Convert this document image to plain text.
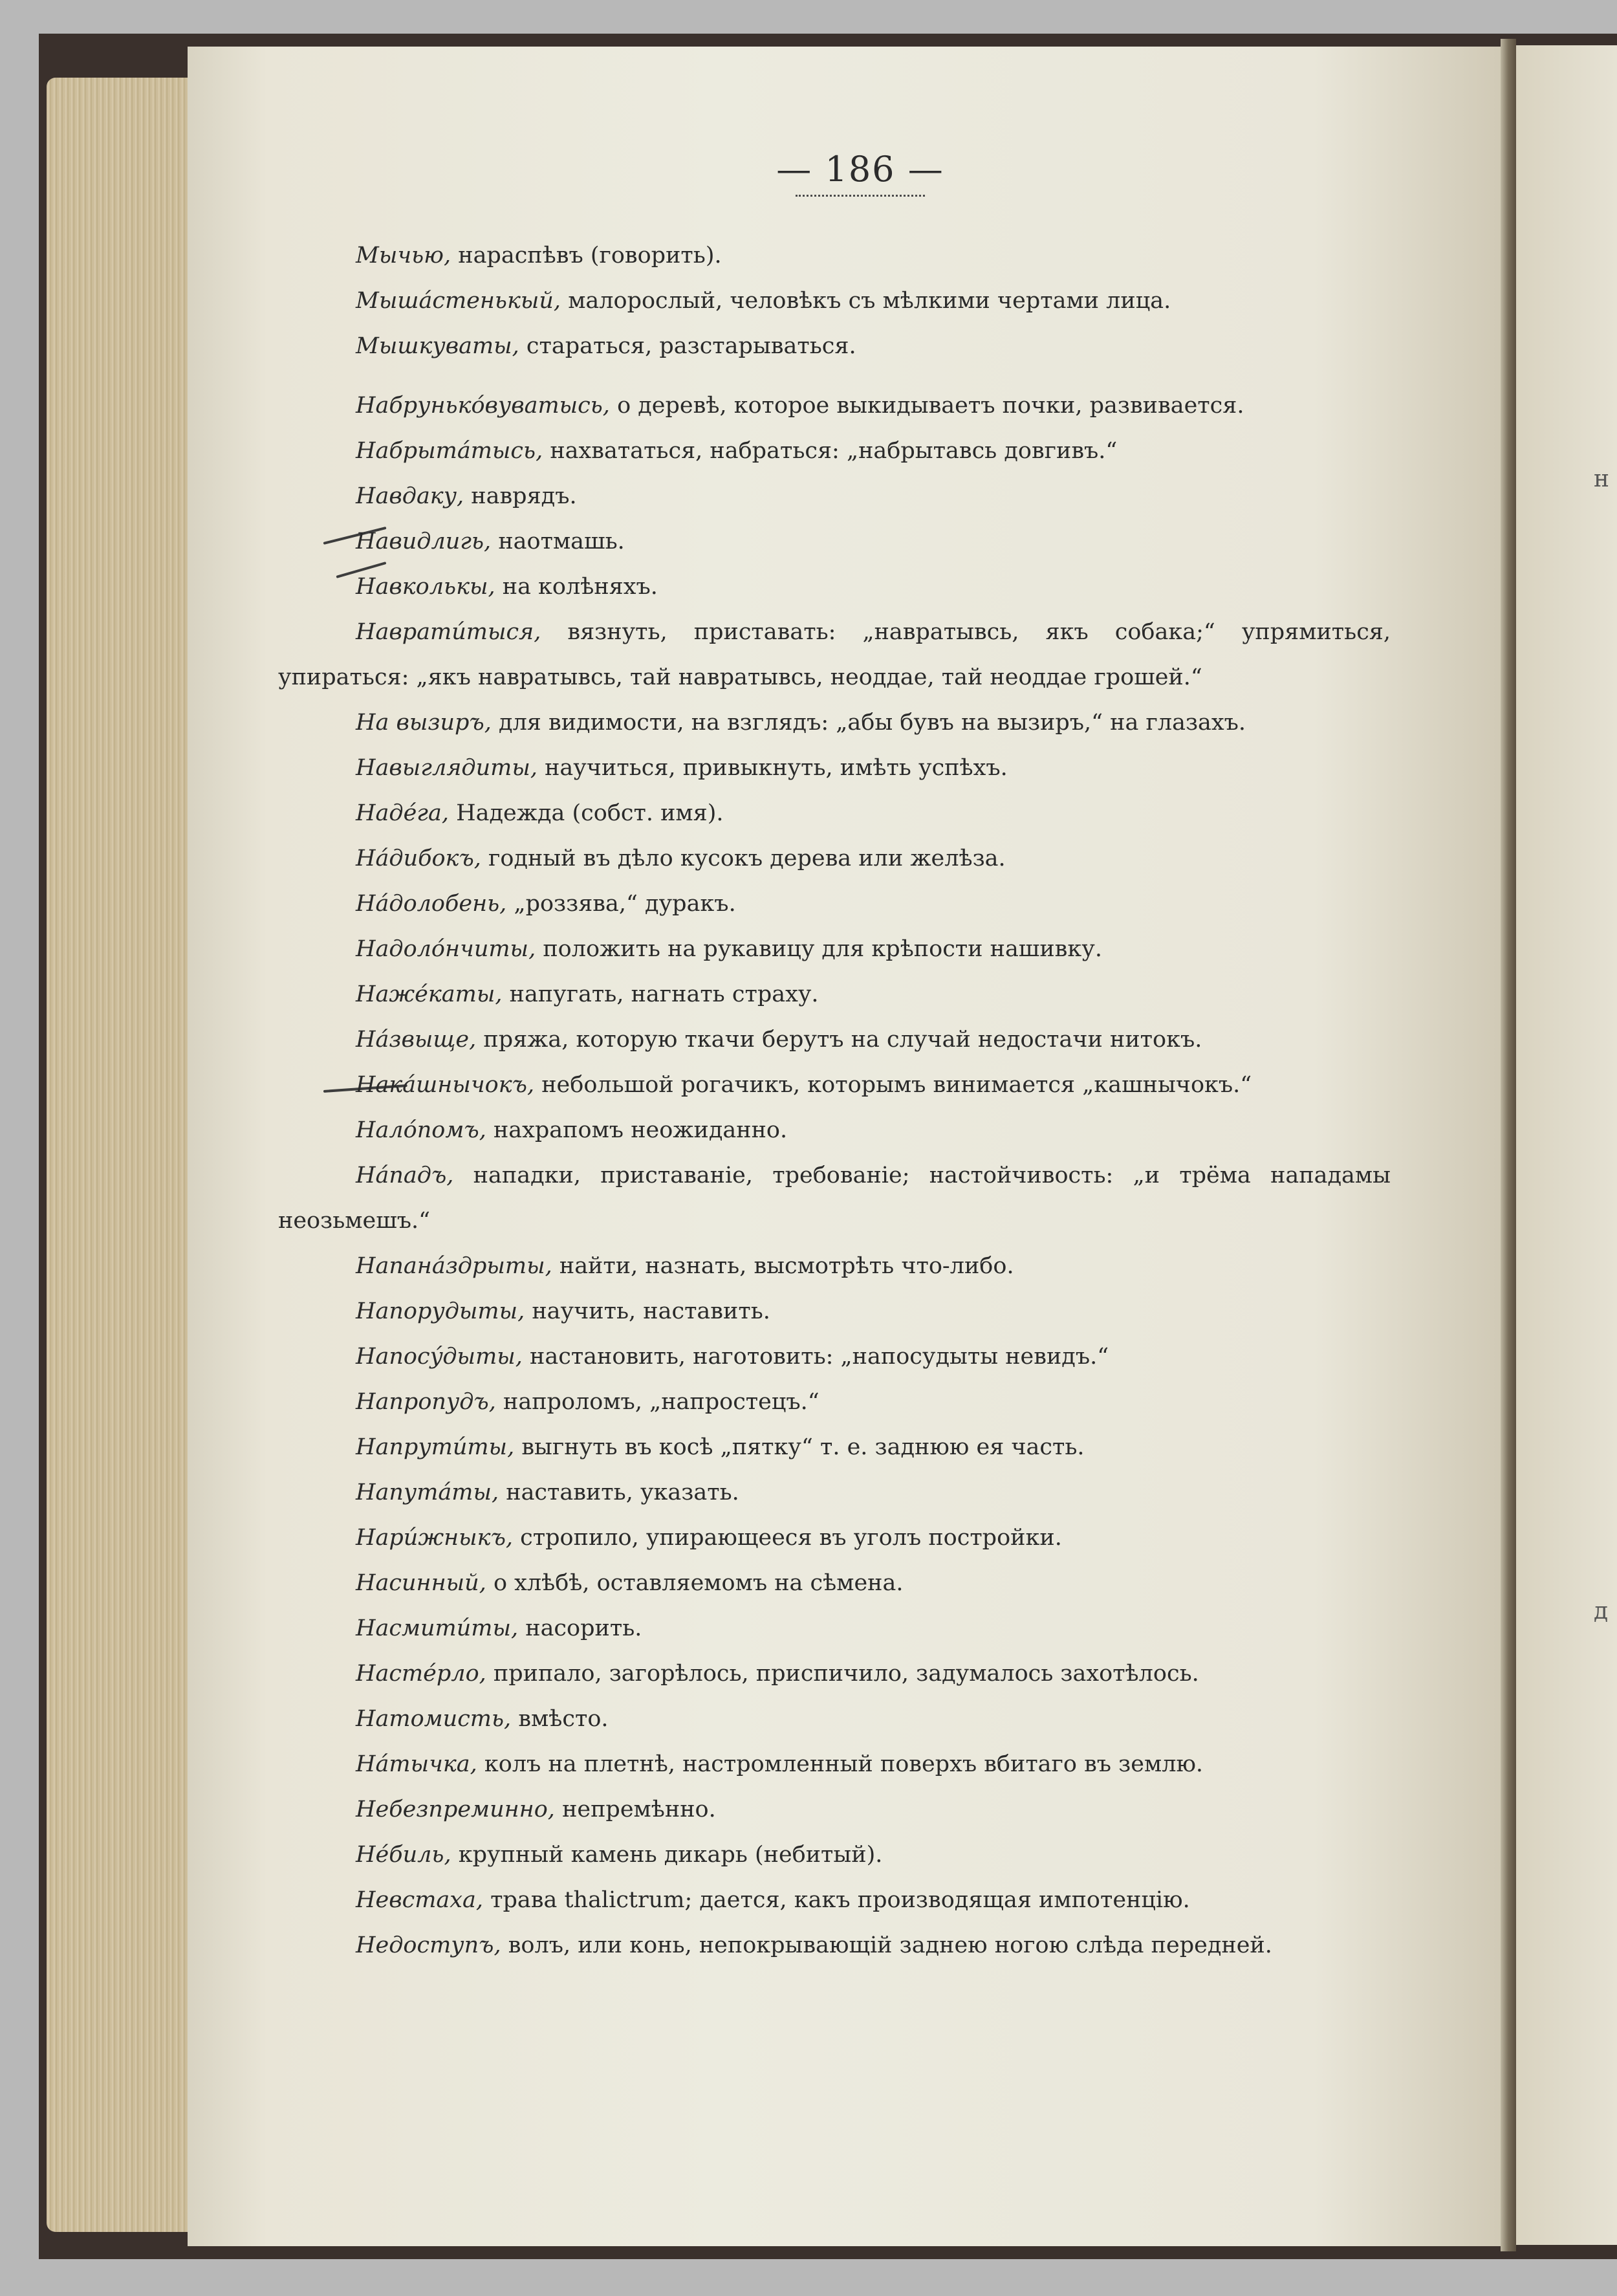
н
д
— 186 —

Мычью, нараспѣвъ (говорить).

Мышáстенькый, малорослый, человѣкъ съ мѣлкими чертами лица.

Мышкуваты, стараться, разстарываться.

Набрунькóвуватысь, о деревѣ, которое выкидываетъ почки, развивается.

Набрытáтысь, нахвататься, набраться: „набрытавсь довгивъ.“

Навдаку, наврядъ.

Навидлигь, наотмашь.

Навколькы, на колѣняхъ.

Навратúтыся, вязнуть, приставать: „навратывсь, якъ собака;“ упрямиться, упираться: „якъ навратывсь, тай навратывсь, неоддае, тай неоддае грошей.“

На вызиръ, для видимости, на взглядъ: „абы бувъ на вызиръ,“ на глазахъ.

Навыглядиты, научиться, привыкнуть, имѣть успѣхъ.

Надéга, Надежда (собст. имя).

Нáдибокъ, годный въ дѣло кусокъ дерева или желѣза.

Нáдолобень, „роззява,“ дуракъ.

Надолóнчиты, положить на рукавицу для крѣпости нашивку.

Нажéкаты, напугать, нагнать страху.

Нáзвыще, пряжа, которую ткачи берутъ на случай недостачи нитокъ.

Накáшнычокъ, небольшой рогачикъ, которымъ винимается „кашнычокъ.“

Налóпомъ, нахрапомъ неожиданно.

Нáпадъ, нападки, приставаніе, требованіе; настойчивость: „и трёма нападамы неозьмешъ.“

Напанáздрыты, найти, назнать, высмотрѣть что-либо.

Напорудыты, научить, наставить.

Напосýдыты, настановить, наготовить: „напосудыты невидъ.“

Напропудъ, напроломъ, „напростецъ.“

Напрутúты, выгнуть въ косѣ „пятку“ т. е. заднюю ея часть.

Напутáты, наставить, указать.

Нарúжныкъ, стропило, упирающееся въ уголъ постройки.

Насинный, о хлѣбѣ, оставляемомъ на сѣмена.

Насмитúты, насорить.

Настéрло, припало, загорѣлось, приспичило, задумалось захотѣлось.

Натомисть, вмѣсто.

Нáтычка, колъ на плетнѣ, настромленный поверхъ вбитаго въ землю.

Небезпреминно, непремѣнно.

Нéбиль, крупный камень дикарь (небитый).

Невстаха, трава thalictrum; дается, какъ производящая импотенцію.

Недоступъ, волъ, или конь, непокрывающій заднею ногою слѣда передней.
